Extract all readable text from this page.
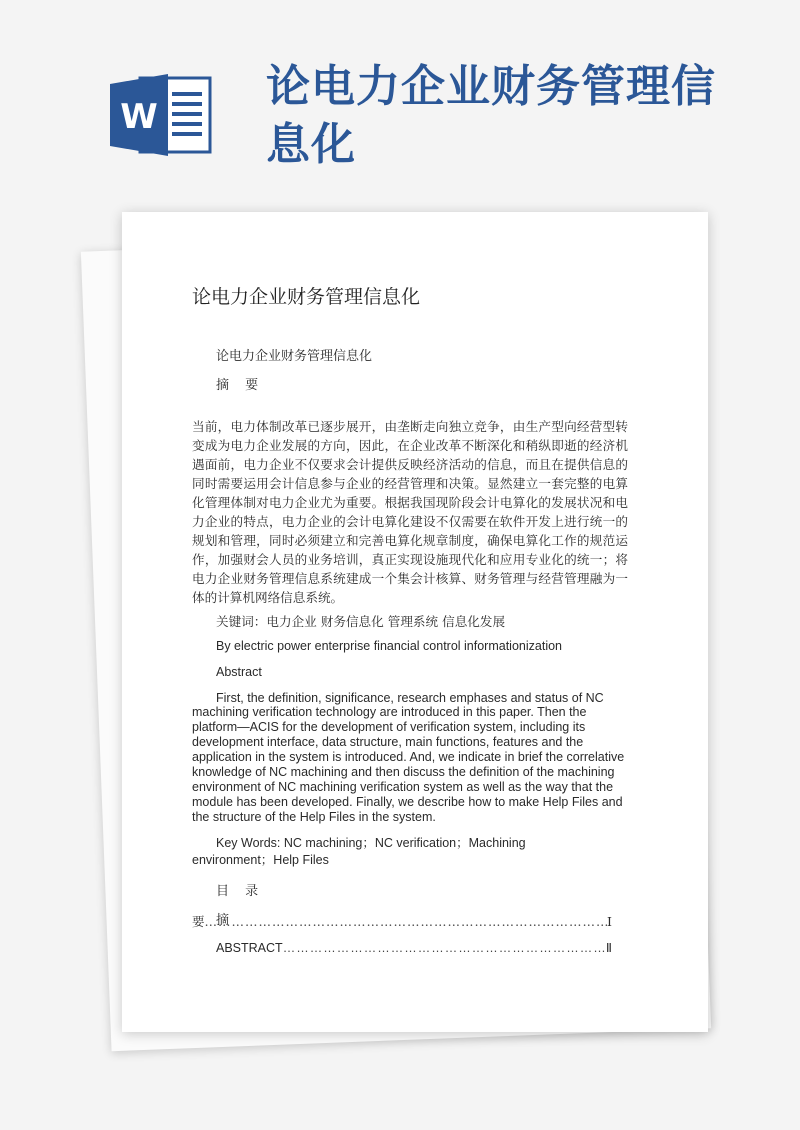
W
论电力企业财务管理信息化
论电力企业财务管理信息化

论电力企业财务管理信息化

摘 要

当前，电力体制改革已逐步展开，由垄断走向独立竞争，由生产型向经营型转变成为电力企业发展的方向，因此，在企业改革不断深化和稍纵即逝的经济机遇面前，电力企业不仅要求会计提供反映经济活动的信息，而且在提供信息的同时需要运用会计信息参与企业的经营管理和决策。显然建立一套完整的电算化管理体制对电力企业尤为重要。根据我国现阶段会计电算化的发展状况和电力企业的特点，电力企业的会计电算化建设不仅需要在软件开发上进行统一的规划和管理，同时必须建立和完善电算化规章制度，确保电算化工作的规范运作，加强财会人员的业务培训，真正实现设施现代化和应用专业化的统一；将电力企业财务管理信息系统建成一个集会计核算、财务管理与经营管理融为一体的计算机网络信息系统。

关键词：电力企业 财务信息化 管理系统 信息化发展

By electric power enterprise financial control informationization

Abstract

First, the definition, significance, research emphases and status of NC machining verification technology are introduced in this paper. Then the platform—ACIS for the development of verification system, including its development interface, data structure, main functions, features and the application in the system is introduced. And, we indicate in brief the correlative knowledge of NC machining and then discuss the definition of the machining environment of NC machining verification system as well as the way that the module has been developed. Finally, we describe how to make Help Files and the structure of the Help Files in the system.

Key Words: NC machining；NC verification；Machining environment；Help Files

目 录

摘

要 ……………………………………………………………………………………………………………………………………	Ⅰ
ABSTRACT ……………………………………………………………………………………………………………………………………	Ⅱ
